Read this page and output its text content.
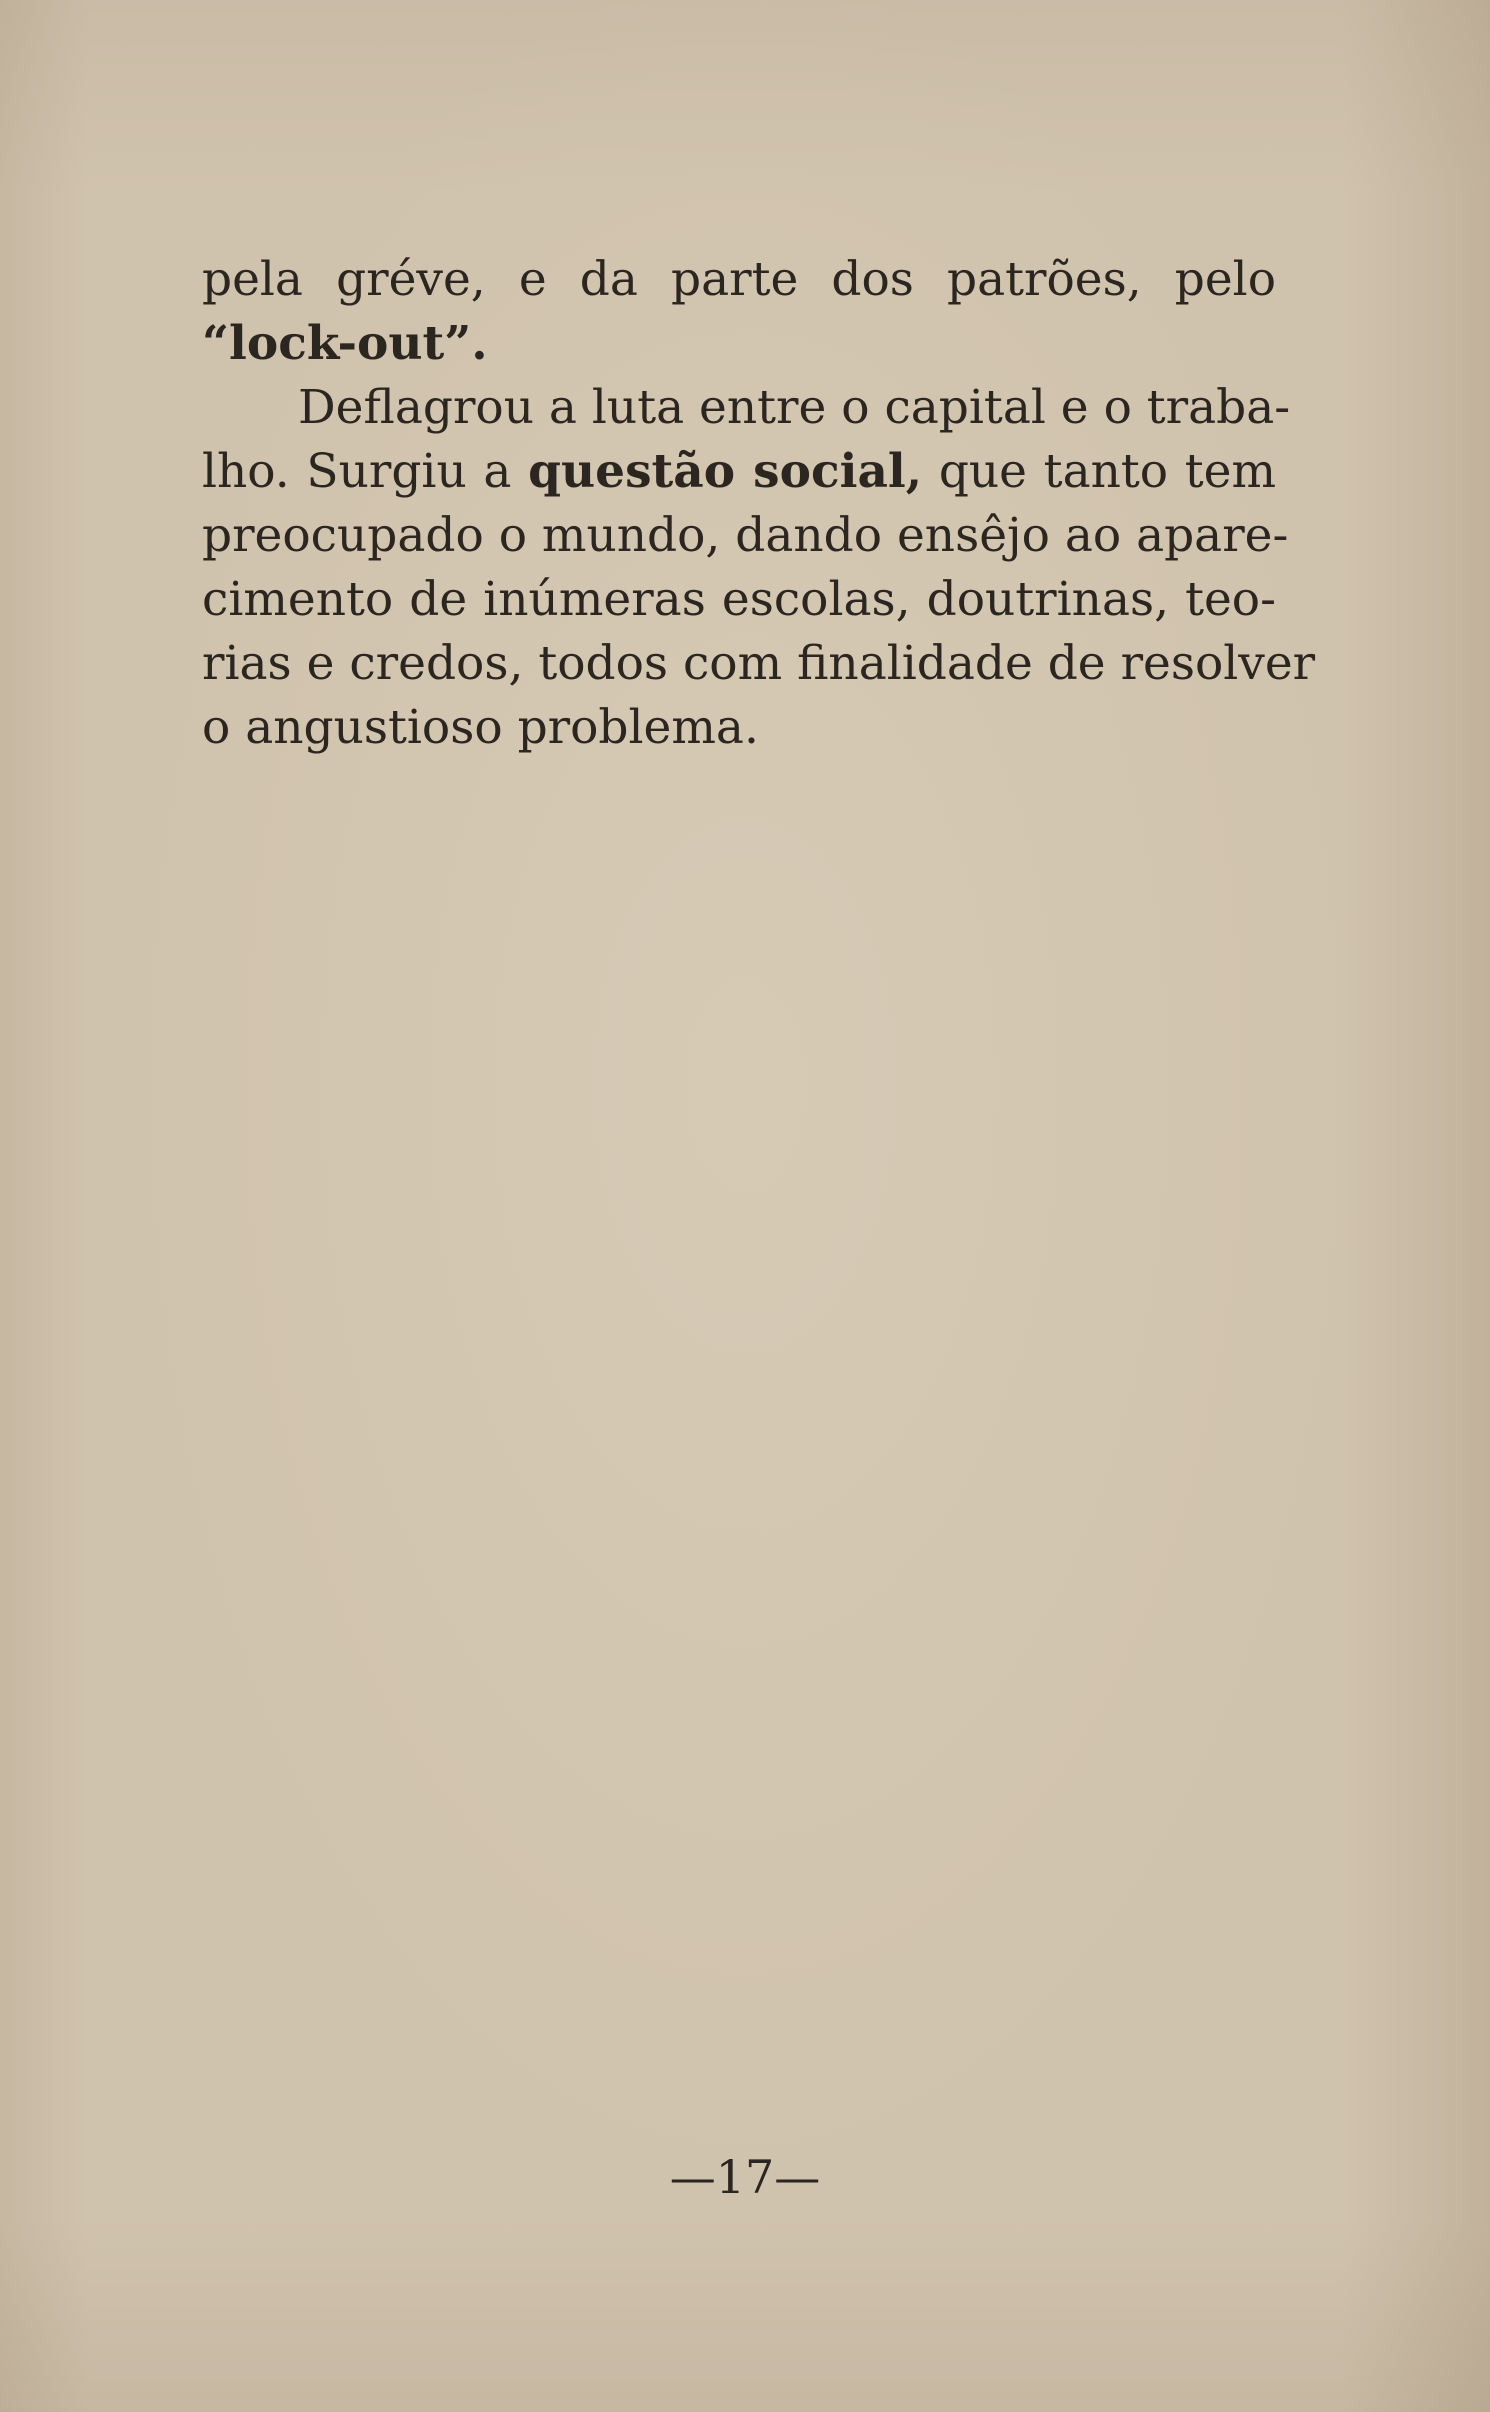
pela gréve, e da parte dos patrões, pelo
“lock-out”.
Deflagrou a luta entre o capital e o traba-
lho. Surgiu a questão social, que tanto tem
preocupado o mundo, dando ensêjo ao apare-
cimento de inúmeras escolas, doutrinas, teo-
rias e credos, todos com finalidade de resolver
o angustioso problema.
—17—
